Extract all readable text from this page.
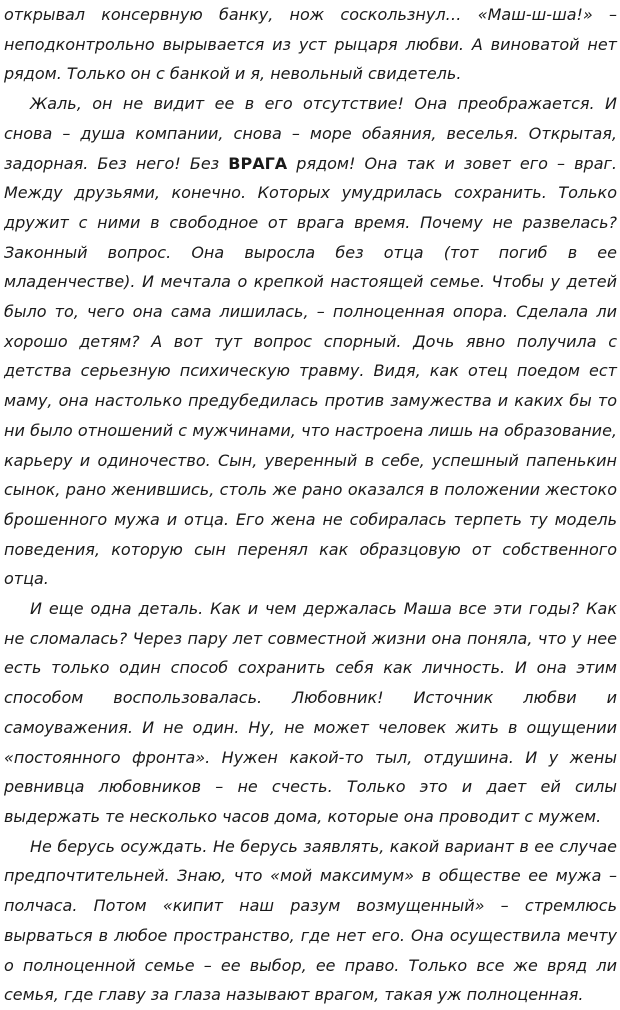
открывал консервную банку, нож соскользнул… «Маш-ш-ша!» – неподконтрольно вырывается из уст рыцаря любви. А виноватой нет рядом. Только он с банкой и я, невольный свидетель.

Жаль, он не видит ее в его отсутствие! Она преображается. И снова – душа компании, снова – море обаяния, веселья. Открытая, задорная. Без него! Без ВРАГА рядом! Она так и зовет его – враг. Между друзьями, конечно. Которых умудрилась сохранить. Только дружит с ними в свободное от врага время. Почему не развелась? Законный вопрос. Она выросла без отца (тот погиб в ее младенчестве). И мечтала о крепкой настоящей семье. Чтобы у детей было то, чего она сама лишилась, – полноценная опора. Сделала ли хорошо детям? А вот тут вопрос спорный. Дочь явно получила с детства серьезную психическую травму. Видя, как отец поедом ест маму, она настолько предубедилась против замужества и каких бы то ни было отношений с мужчинами, что настроена лишь на образование, карьеру и одиночество. Сын, уверенный в себе, успешный папенькин сынок, рано женившись, столь же рано оказался в положении жестоко брошенного мужа и отца. Его жена не собиралась терпеть ту модель поведения, которую сын перенял как образцовую от собственного отца.

И еще одна деталь. Как и чем держалась Маша все эти годы? Как не сломалась? Через пару лет совместной жизни она поняла, что у нее есть только один способ сохранить себя как личность. И она этим способом воспользовалась. Любовник! Источник любви и самоуважения. И не один. Ну, не может человек жить в ощущении «постоянного фронта». Нужен какой-то тыл, отдушина. И у жены ревнивца любовников – не счесть. Только это и дает ей силы выдержать те несколько часов дома, которые она проводит с мужем.

Не берусь осуждать. Не берусь заявлять, какой вариант в ее случае предпочтительней. Знаю, что «мой максимум» в обществе ее мужа – полчаса. Потом «кипит наш разум возмущенный» – стремлюсь вырваться в любое пространство, где нет его. Она осуществила мечту о полноценной семье – ее выбор, ее право. Только все же вряд ли семья, где главу за глаза называют врагом, такая уж полноценная.
